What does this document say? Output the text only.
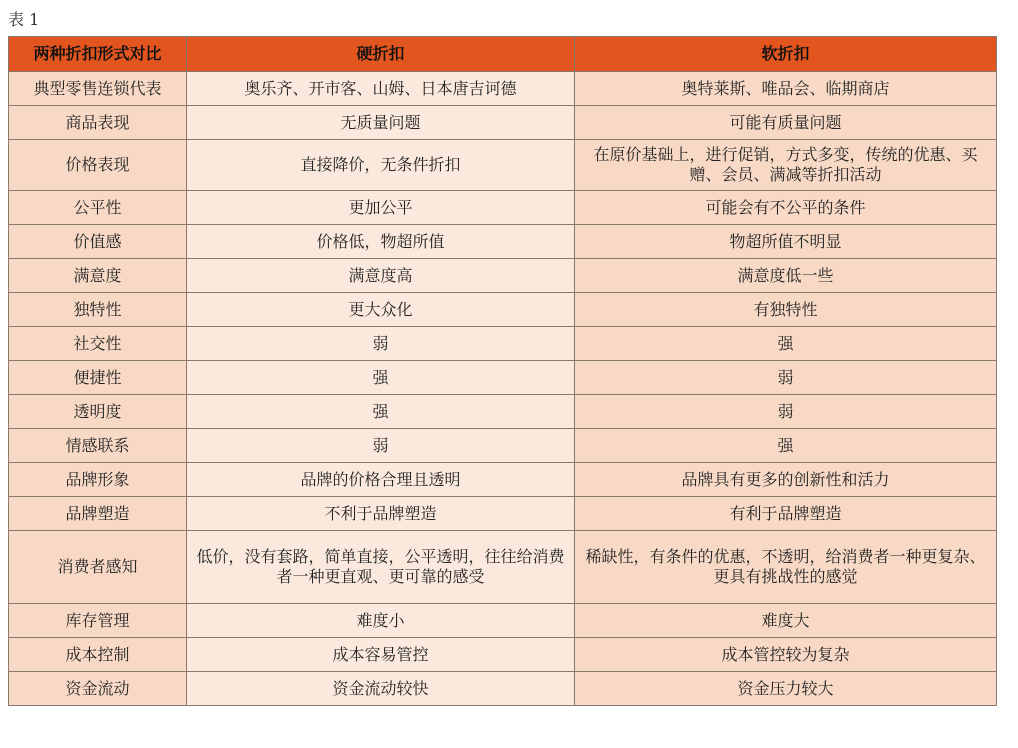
表 1
两种折扣形式对比	硬折扣	软折扣
典型零售连锁代表	奥乐齐、开市客、山姆、日本唐吉诃德	奥特莱斯、唯品会、临期商店
商品表现	无质量问题	可能有质量问题
价格表现	直接降价，无条件折扣	在原价基础上，进行促销，方式多变，传统的优惠、买赠、会员、满减等折扣活动
公平性	更加公平	可能会有不公平的条件
价值感	价格低，物超所值	物超所值不明显
满意度	满意度高	满意度低一些
独特性	更大众化	有独特性
社交性	弱	强
便捷性	强	弱
透明度	强	弱
情感联系	弱	强
品牌形象	品牌的价格合理且透明	品牌具有更多的创新性和活力
品牌塑造	不利于品牌塑造	有利于品牌塑造
消费者感知	低价，没有套路，简单直接，公平透明，往往给消费者一种更直观、更可靠的感受	稀缺性，有条件的优惠，不透明，给消费者一种更复杂、更具有挑战性的感觉
库存管理	难度小	难度大
成本控制	成本容易管控	成本管控较为复杂
资金流动	资金流动较快	资金压力较大
